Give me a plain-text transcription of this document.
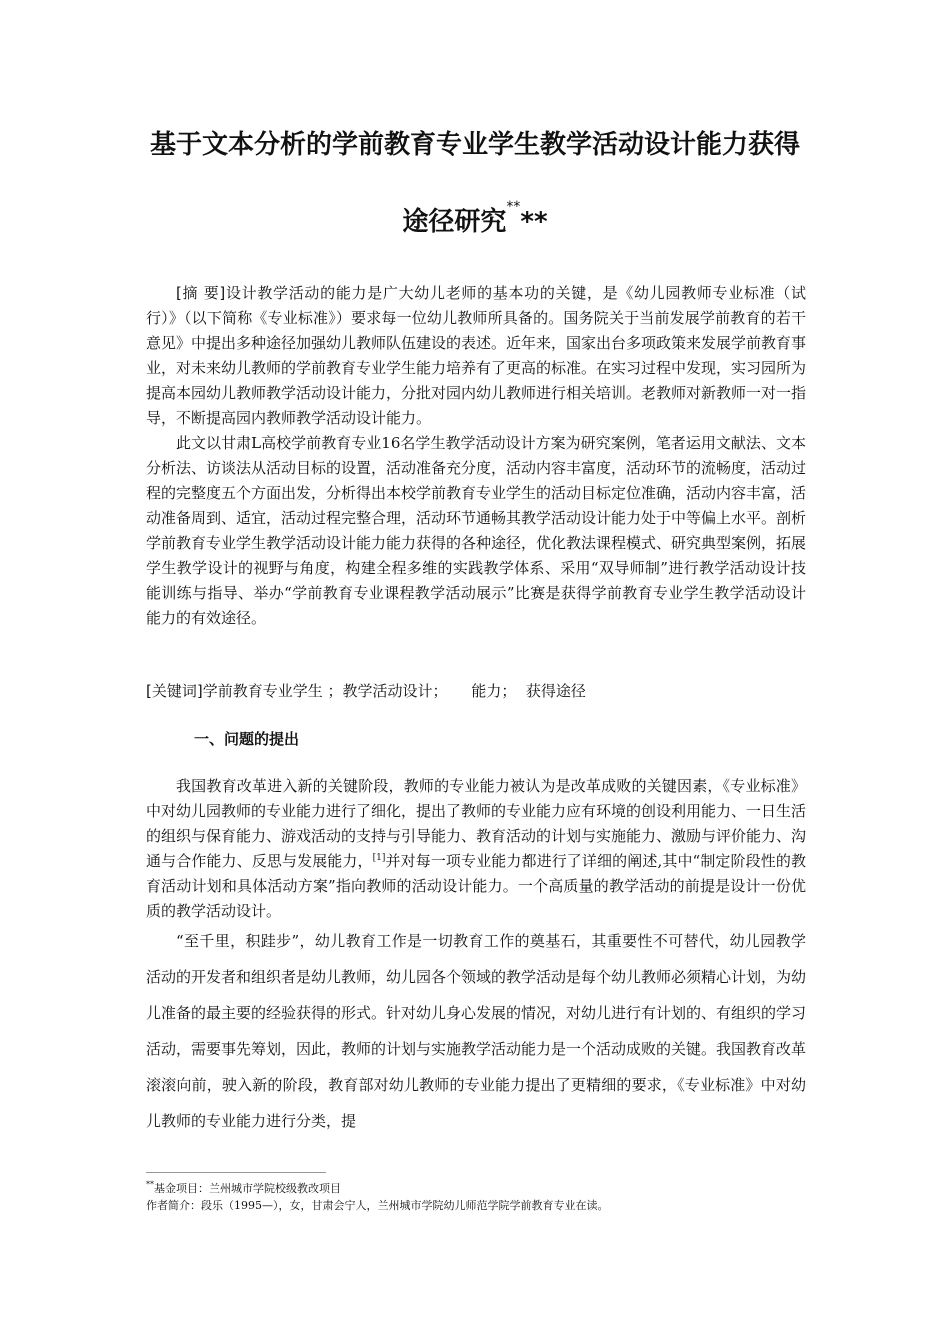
基于文本分析的学前教育专业学生教学活动设计能力获得
途径研究****

[摘 要]设计教学活动的能力是广大幼儿老师的基本功的关键，是《幼儿园教师专业标准（试行）》（以下简称《专业标准》）要求每一位幼儿教师所具备的。国务院关于当前发展学前教育的若干意见》中提出多种途径加强幼儿教师队伍建设的表述。近年来，国家出台多项政策来发展学前教育事业，对未来幼儿教师的学前教育专业学生能力培养有了更高的标准。在实习过程中发现，实习园所为提高本园幼儿教师教学活动设计能力，分批对园内幼儿教师进行相关培训。老教师对新教师一对一指导，不断提高园内教师教学活动设计能力。

此文以甘肃L高校学前教育专业16名学生教学活动设计方案为研究案例，笔者运用文献法、文本分析法、访谈法从活动目标的设置，活动准备充分度，活动内容丰富度，活动环节的流畅度，活动过程的完整度五个方面出发，分析得出本校学前教育专业学生的活动目标定位准确，活动内容丰富，活动准备周到、适宜，活动过程完整合理，活动环节通畅其教学活动设计能力处于中等偏上水平。剖析学前教育专业学生教学活动设计能力能力获得的各种途径，优化教法课程模式、研究典型案例，拓展学生教学设计的视野与角度，构建全程多维的实践教学体系、采用“双导师制”进行教学活动设计技能训练与指导、举办“学前教育专业课程教学活动展示”比赛是获得学前教育专业学生教学活动设计能力的有效途径。

[关键词]学前教育专业学生 ；教学活动设计；     能力；  获得途径
一、问题的提出

我国教育改革进入新的关键阶段，教师的专业能力被认为是改革成败的关键因素，《专业标准》中对幼儿园教师的专业能力进行了细化，提出了教师的专业能力应有环境的创设利用能力、一日生活的组织与保育能力、游戏活动的支持与引导能力、教育活动的计划与实施能力、激励与评价能力、沟通与合作能力、反思与发展能力，[1]并对每一项专业能力都进行了详细的阐述,其中“制定阶段性的教育活动计划和具体活动方案”指向教师的活动设计能力。一个高质量的教学活动的前提是设计一份优质的教学活动设计。

“至千里，积跬步”，幼儿教育工作是一切教育工作的奠基石，其重要性不可替代，幼儿园教学活动的开发者和组织者是幼儿教师，幼儿园各个领域的教学活动是每个幼儿教师必须精心计划，为幼儿准备的最主要的经验获得的形式。针对幼儿身心发展的情况，对幼儿进行有计划的、有组织的学习活动，需要事先筹划，因此，教师的计划与实施教学活动能力是一个活动成败的关键。我国教育改革滚滚向前，驶入新的阶段，教育部对幼儿教师的专业能力提出了更精细的要求，《专业标准》中对幼儿教师的专业能力进行分类，提

**基金项目：兰州城市学院校级教改项目
作者简介：段乐（1995—），女，甘肃会宁人，兰州城市学院幼儿师范学院学前教育专业在读。
